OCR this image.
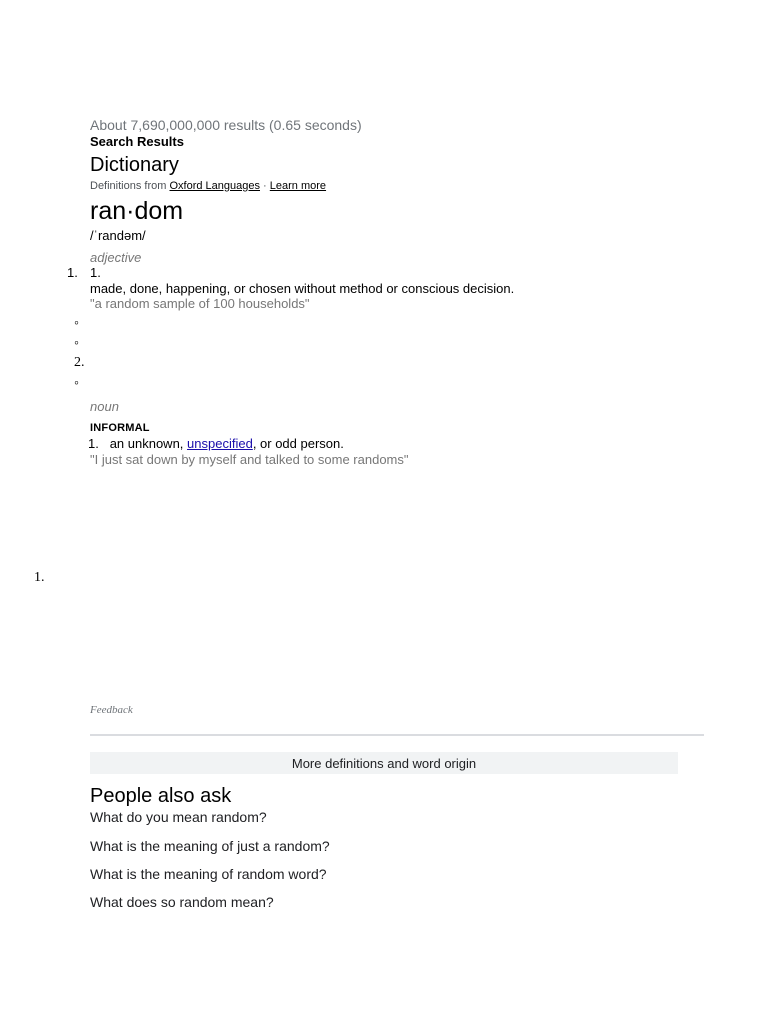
About 7,690,000,000 results (0.65 seconds)
Search Results
Dictionary
Definitions from Oxford Languages · Learn more
ran·dom
/ˈrandəm/
adjective
1. 1.
made, done, happening, or chosen without method or conscious decision.
"a random sample of 100 households"
◦
◦
2.
◦
noun
INFORMAL
1. an unknown, unspecified, or odd person.
"I just sat down by myself and talked to some randoms"
1.
Feedback
More definitions and word origin
People also ask
What do you mean random?
What is the meaning of just a random?
What is the meaning of random word?
What does so random mean?
